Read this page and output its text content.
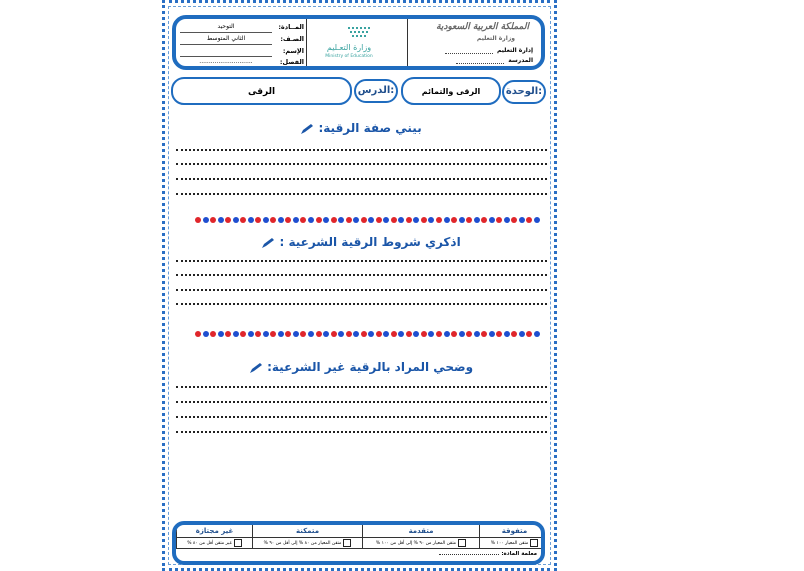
المــادة:
التوحيد
الصـف:
الثاني المتوسط
الإسم:
الفصل:
............................
وزارة التعـليم
Ministry of Education
المملكة العربية السعودية
وزارة التعليم
إدارة التعليم
المدرسة
الوحدة:
الرقى والتمائم
الدرس:
الرقى
بيني صفة الرقية:
اذكري شروط الرقية الشرعية :
وضحي المراد بالرقية غير الشرعية:
غير مجتازة	متمكنة	متقدمة	متفوقة
غير متقن أقل من ٨٠ %	متقن المعيار من ٨٠ % إلى أقل من ٩٠ %	متقن المعيار من ٩٠ % إلى أقل من ١٠٠ %	متقن المعيار ١٠٠ %
معلمة المادة:
